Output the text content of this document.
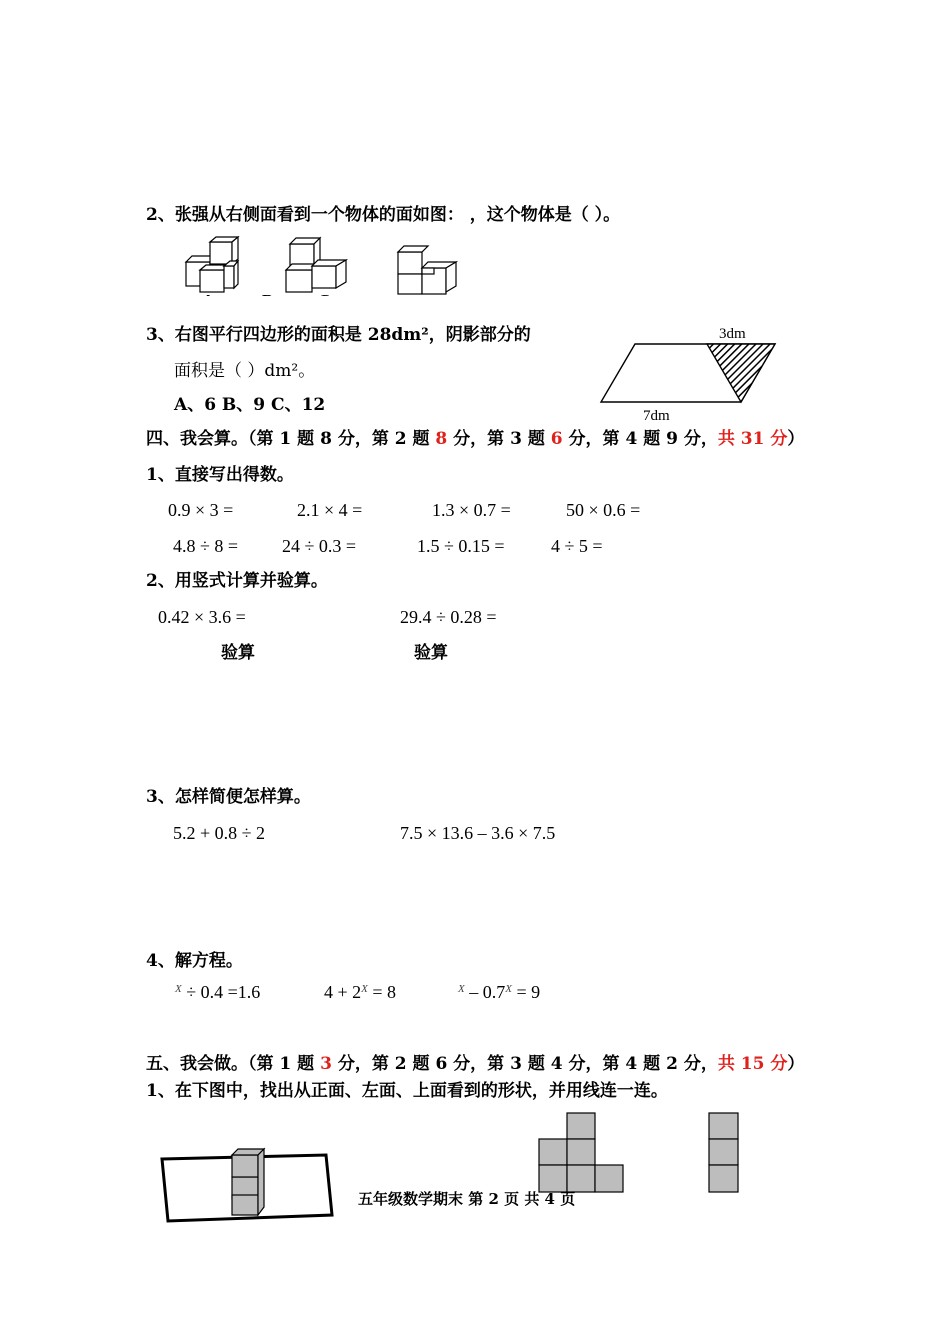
2、张强从右侧面看到一个物体的面如图： ，这个物体是（ ）。
3、右图平行四边形的面积是 28dm²，阴影部分的
面积是（ ）dm²。
A、6 B、9 C、12
3dm
7dm
四、我会算。（第 1 题 8 分，第 2 题 8 分，第 3 题 6 分，第 4 题 9 分，共 31 分）
1、直接写出得数。
0.9 × 3 =	2.1 × 4 =	1.3 × 0.7 =	50 × 0.6 =
4.8 ÷ 8 = 24 ÷ 0.3 =	1.5 ÷ 0.15 =	4 ÷ 5 =
2、用竖式计算并验算。
0.42 × 3.6 =	29.4 ÷ 0.28 =
验算	验算
3、怎样简便怎样算。
5.2 + 0.8 ÷ 2	7.5 × 13.6 – 3.6 × 7.5
4、解方程。
$^X$ ÷ 0.4 =1.6	$4 + 2^X = 8$	$^X - 0.7^X = 9$
五、我会做。（第 1 题 3 分，第 2 题 6 分，第 3 题 4 分，第 4 题 2 分，共 15 分）
1、在下图中，找出从正面、左面、上面看到的形状，并用线连一连。
五年级数学期末 第 2 页 共 4 页
